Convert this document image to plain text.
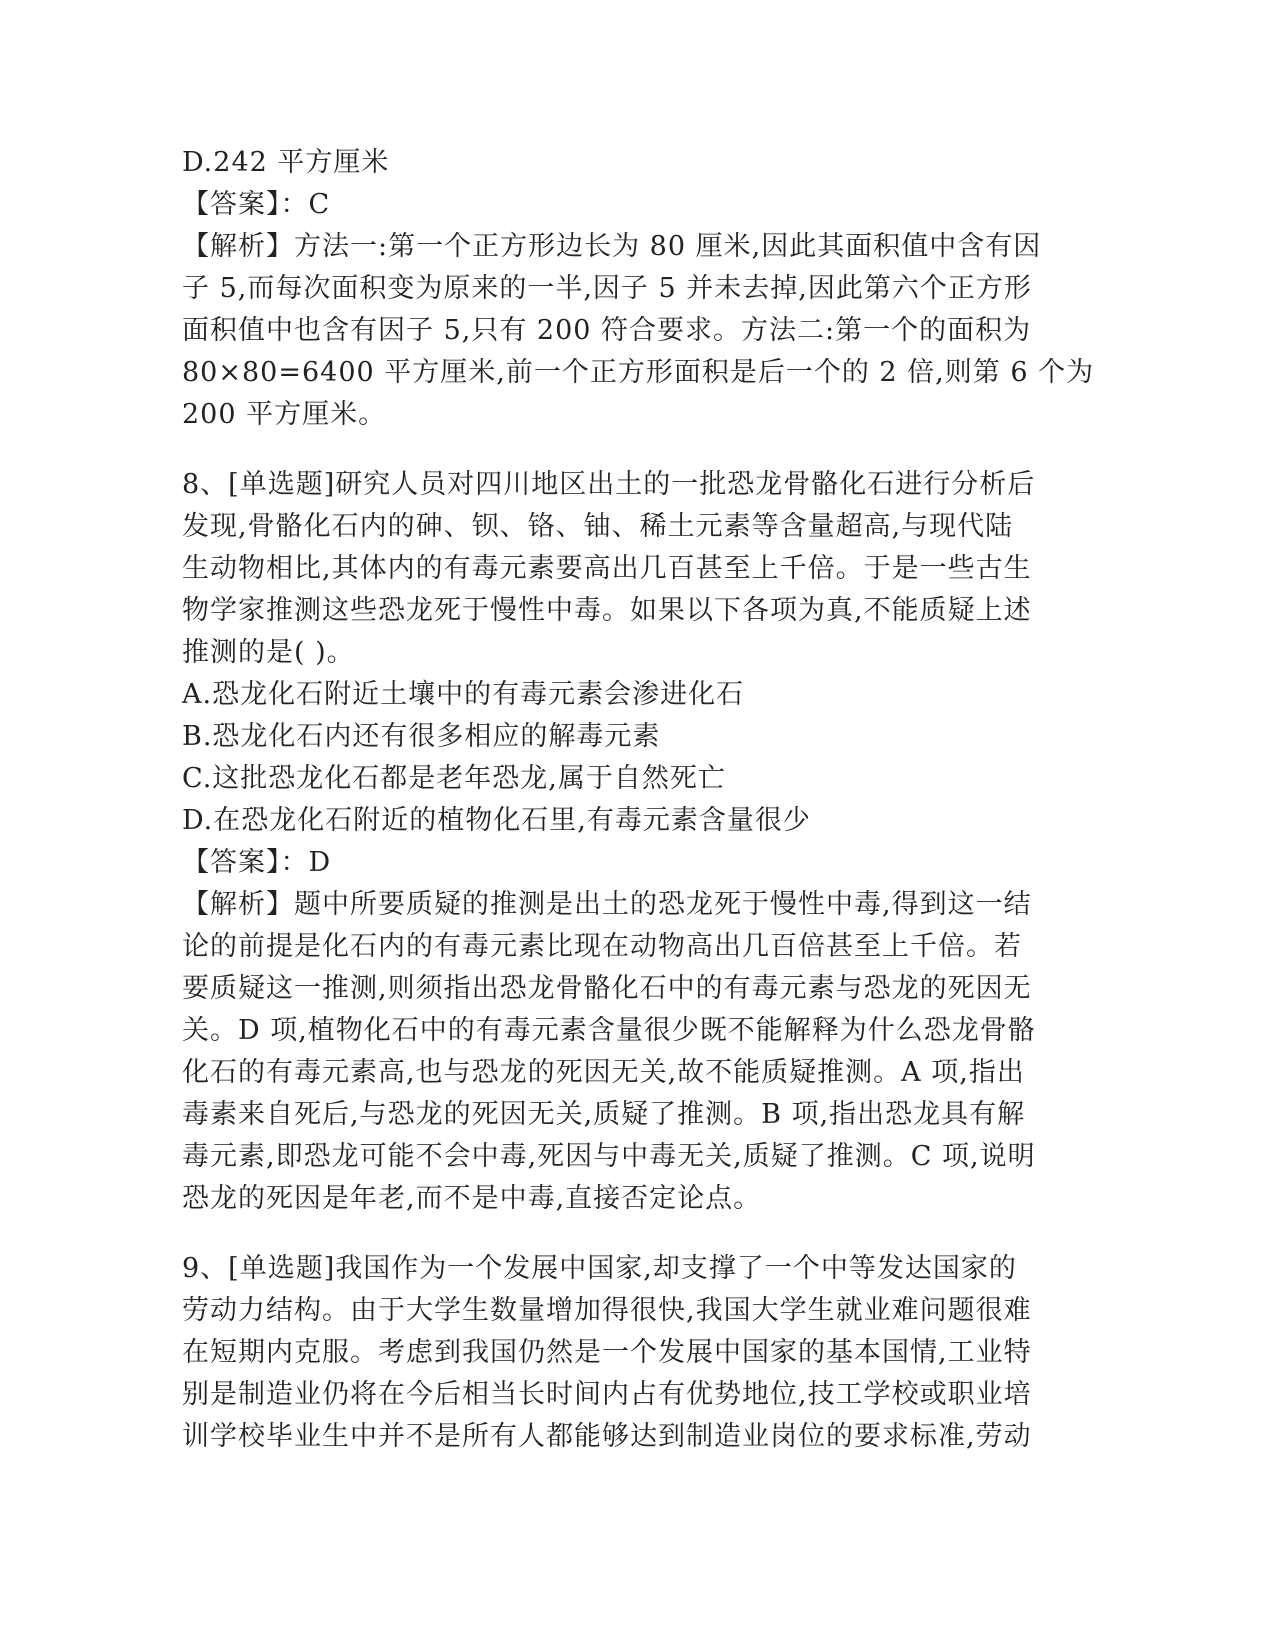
D.242 平方厘米
【答案】：C
【解析】方法一:第一个正方形边长为 80 厘米,因此其面积值中含有因
子 5,而每次面积变为原来的一半,因子 5 并未去掉,因此第六个正方形
面积值中也含有因子 5,只有 200 符合要求。方法二:第一个的面积为
80×80=6400 平方厘米,前一个正方形面积是后一个的 2 倍,则第 6 个为
200 平方厘米。
8、[单选题]研究人员对四川地区出土的一批恐龙骨骼化石进行分析后
发现,骨骼化石内的砷、钡、铬、铀、稀土元素等含量超高,与现代陆
生动物相比,其体内的有毒元素要高出几百甚至上千倍。于是一些古生
物学家推测这些恐龙死于慢性中毒。如果以下各项为真,不能质疑上述
推测的是( )。
A.恐龙化石附近土壤中的有毒元素会渗进化石
B.恐龙化石内还有很多相应的解毒元素
C.这批恐龙化石都是老年恐龙,属于自然死亡
D.在恐龙化石附近的植物化石里,有毒元素含量很少
【答案】：D
【解析】题中所要质疑的推测是出土的恐龙死于慢性中毒,得到这一结
论的前提是化石内的有毒元素比现在动物高出几百倍甚至上千倍。若
要质疑这一推测,则须指出恐龙骨骼化石中的有毒元素与恐龙的死因无
关。D 项,植物化石中的有毒元素含量很少既不能解释为什么恐龙骨骼
化石的有毒元素高,也与恐龙的死因无关,故不能质疑推测。A 项,指出
毒素来自死后,与恐龙的死因无关,质疑了推测。B 项,指出恐龙具有解
毒元素,即恐龙可能不会中毒,死因与中毒无关,质疑了推测。C 项,说明
恐龙的死因是年老,而不是中毒,直接否定论点。
9、[单选题]我国作为一个发展中国家,却支撑了一个中等发达国家的
劳动力结构。由于大学生数量增加得很快,我国大学生就业难问题很难
在短期内克服。考虑到我国仍然是一个发展中国家的基本国情,工业特
别是制造业仍将在今后相当长时间内占有优势地位,技工学校或职业培
训学校毕业生中并不是所有人都能够达到制造业岗位的要求标准,劳动
